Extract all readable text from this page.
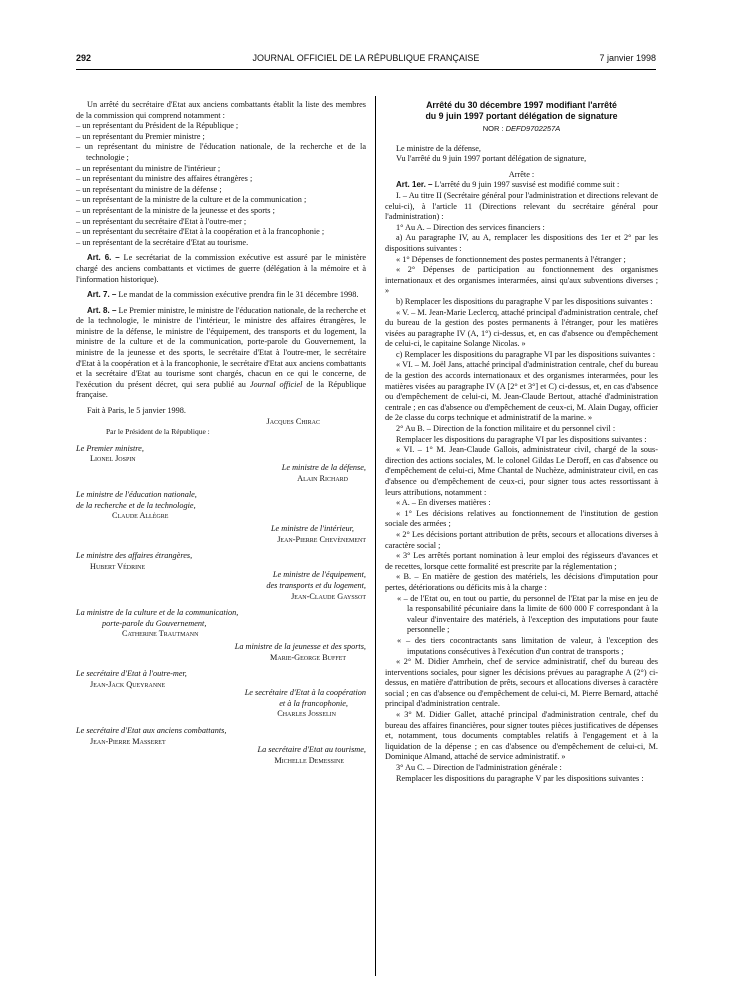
292	JOURNAL OFFICIEL DE LA RÉPUBLIQUE FRANÇAISE	7 janvier 1998

Un arrêté du secrétaire d'Etat aux anciens combattants établit la liste des membres de la commission qui comprend notamment :

– un représentant du Président de la République ;

– un représentant du Premier ministre ;

– un représentant du ministre de l'éducation nationale, de la recherche et de la technologie ;

– un représentant du ministre de l'intérieur ;

– un représentant du ministre des affaires étrangères ;

– un représentant du ministre de la défense ;

– un représentant de la ministre de la culture et de la communication ;

– un représentant de la ministre de la jeunesse et des sports ;

– un représentant du secrétaire d'Etat à l'outre-mer ;

– un représentant du secrétaire d'Etat à la coopération et à la francophonie ;

– un représentant de la secrétaire d'Etat au tourisme.

Art. 6. – Le secrétariat de la commission exécutive est assuré par le ministère chargé des anciens combattants et victimes de guerre (délégation à la mémoire et à l'information historique).

Art. 7. – Le mandat de la commission exécutive prendra fin le 31 décembre 1998.

Art. 8. – Le Premier ministre, le ministre de l'éducation nationale, de la recherche et de la technologie, le ministre de l'intérieur, le ministre des affaires étrangères, le ministre de la défense, le ministre de l'équipement, des transports et du logement, la ministre de la culture et de la communication, porte-parole du Gouvernement, la ministre de la jeunesse et des sports, le secrétaire d'Etat à l'outre-mer, le secrétaire d'Etat à la coopération et à la francophonie, le secrétaire d'Etat aux anciens combattants et la secrétaire d'Etat au tourisme sont chargés, chacun en ce qui le concerne, de l'exécution du présent décret, qui sera publié au Journal officiel de la République française.

Fait à Paris, le 5 janvier 1998.

Jacques Chirac

Par le Président de la République :

Le Premier ministre,

Lionel Jospin

Le ministre de la défense,

Alain Richard

Le ministre de l'éducation nationale,

de la recherche et de la technologie,

Claude Allègre

Le ministre de l'intérieur,

Jean-Pierre Chevènement

Le ministre des affaires étrangères,

Hubert Védrine

Le ministre de l'équipement,

des transports et du logement,

Jean-Claude Gayssot

La ministre de la culture et de la communication,

porte-parole du Gouvernement,

Catherine Trautmann

La ministre de la jeunesse et des sports,

Marie-George Buffet

Le secrétaire d'Etat à l'outre-mer,

Jean-Jack Queyranne

Le secrétaire d'Etat à la coopération

et à la francophonie,

Charles Josselin

Le secrétaire d'Etat aux anciens combattants,

Jean-Pierre Masseret

La secrétaire d'Etat au tourisme,

Michelle Demessine

Arrêté du 30 décembre 1997 modifiant l'arrêté

du 9 juin 1997 portant délégation de signature

NOR : DEFD9702257A

Le ministre de la défense,

Vu l'arrêté du 9 juin 1997 portant délégation de signature,

Arrête :

Art. 1er. – L'arrêté du 9 juin 1997 susvisé est modifié comme suit :

I. – Au titre II (Secrétaire général pour l'administration et directions relevant de celui-ci), à l'article 11 (Directions relevant du secrétaire général pour l'administration) :

1° Au A. – Direction des services financiers :

a) Au paragraphe IV, au A, remplacer les dispositions des 1er et 2° par les dispositions suivantes :

« 1° Dépenses de fonctionnement des postes permanents à l'étranger ;

« 2° Dépenses de participation au fonctionnement des organismes internationaux et des organismes interarmées, ainsi qu'aux subventions diverses ; »

b) Remplacer les dispositions du paragraphe V par les dispositions suivantes :

« V. – M. Jean-Marie Leclercq, attaché principal d'administration centrale, chef du bureau de la gestion des postes permanents à l'étranger, pour les matières visées au paragraphe IV (A, 1°) ci-dessus, et, en cas d'absence ou d'empêchement de celui-ci, le capitaine Solange Nicolas. »

c) Remplacer les dispositions du paragraphe VI par les dispositions suivantes :

« VI. – M. Joël Jans, attaché principal d'administration centrale, chef du bureau de la gestion des accords internationaux et des organismes interarmées, pour les matières visées au paragraphe IV (A [2° et 3°] et C) ci-dessus, et, en cas d'absence ou d'empêchement de celui-ci, M. Jean-Claude Bertout, attaché d'administration centrale ; en cas d'absence ou d'empêchement de ceux-ci, M. Alain Dugay, officier de 2e classe du corps technique et administratif de la marine. »

2° Au B. – Direction de la fonction militaire et du personnel civil :

Remplacer les dispositions du paragraphe VI par les dispositions suivantes :

« VI. – 1° M. Jean-Claude Gallois, administrateur civil, chargé de la sous-direction des actions sociales, M. le colonel Gildas Le Deroff, en cas d'absence ou d'empêchement de celui-ci, Mme Chantal de Nuchèze, administrateur civil, en cas d'absence ou d'empêchement de ceux-ci, pour signer tous actes ressortissant à leurs attributions, notamment :

« A. – En diverses matières :

« 1° Les décisions relatives au fonctionnement de l'institution de gestion sociale des armées ;

« 2° Les décisions portant attribution de prêts, secours et allocations diverses à caractère social ;

« 3° Les arrêtés portant nomination à leur emploi des régisseurs d'avances et de recettes, lorsque cette formalité est prescrite par la réglementation ;

« B. – En matière de gestion des matériels, les décisions d'imputation pour pertes, détériorations ou déficits mis à la charge :

« – de l'Etat ou, en tout ou partie, du personnel de l'Etat par la mise en jeu de la responsabilité pécuniaire dans la limite de 600 000 F correspondant à la valeur d'inventaire des matériels, à l'exception des imputations pour faute personnelle ;

« – des tiers cocontractants sans limitation de valeur, à l'exception des imputations consécutives à l'exécution d'un contrat de transports ;

« 2° M. Didier Amrhein, chef de service administratif, chef du bureau des interventions sociales, pour signer les décisions prévues au paragraphe A (2°) ci-dessus, en matière d'attribution de prêts, secours et allocations diverses à caractère social ; en cas d'absence ou d'empêchement de celui-ci, M. Pierre Bernard, attaché principal d'administration centrale.

« 3° M. Didier Gallet, attaché principal d'administration centrale, chef du bureau des affaires financières, pour signer toutes pièces justificatives de dépenses et, notamment, tous documents comptables relatifs à l'engagement et à la liquidation de la dépense ; en cas d'absence ou d'empêchement de celui-ci, M. Dominique Almand, attaché de service administratif. »

3° Au C. – Direction de l'administration générale :

Remplacer les dispositions du paragraphe V par les dispositions suivantes :
